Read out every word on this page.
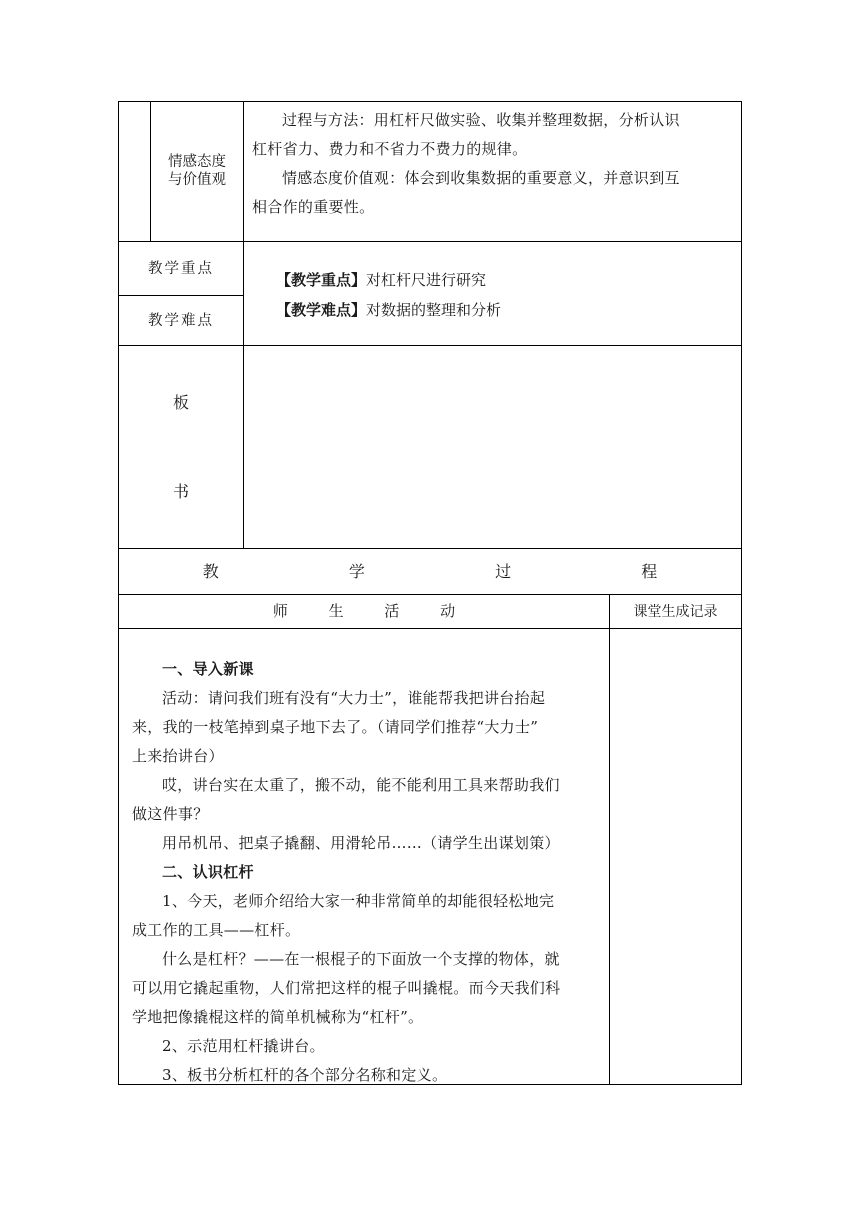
情感态度
与价值观

过程与方法：用杠杆尺做实验、收集并整理数据，分析认识

杠杆省力、费力和不省力不费力的规律。

情感态度价值观：体会到收集数据的重要意义，并意识到互

相合作的重要性。

教学重点
教学难点
【教学重点】对杠杆尺进行研究
【教学难点】对数据的整理和分析
板
书
教  学  过  程
师 生 活 动	课堂生成记录

一、导入新课

活动：请问我们班有没有“大力士”，谁能帮我把讲台抬起

来，我的一枝笔掉到桌子地下去了。（请同学们推荐“大力士”

上来抬讲台）

哎，讲台实在太重了，搬不动，能不能利用工具来帮助我们

做这件事？

用吊机吊、把桌子撬翻、用滑轮吊……（请学生出谋划策）

二、认识杠杆

1、今天，老师介绍给大家一种非常简单的却能很轻松地完

成工作的工具——杠杆。

什么是杠杆？——在一根棍子的下面放一个支撑的物体，就

可以用它撬起重物，人们常把这样的棍子叫撬棍。而今天我们科

学地把像撬棍这样的简单机械称为“杠杆”。

2、示范用杠杆撬讲台。

3、板书分析杠杆的各个部分名称和定义。
